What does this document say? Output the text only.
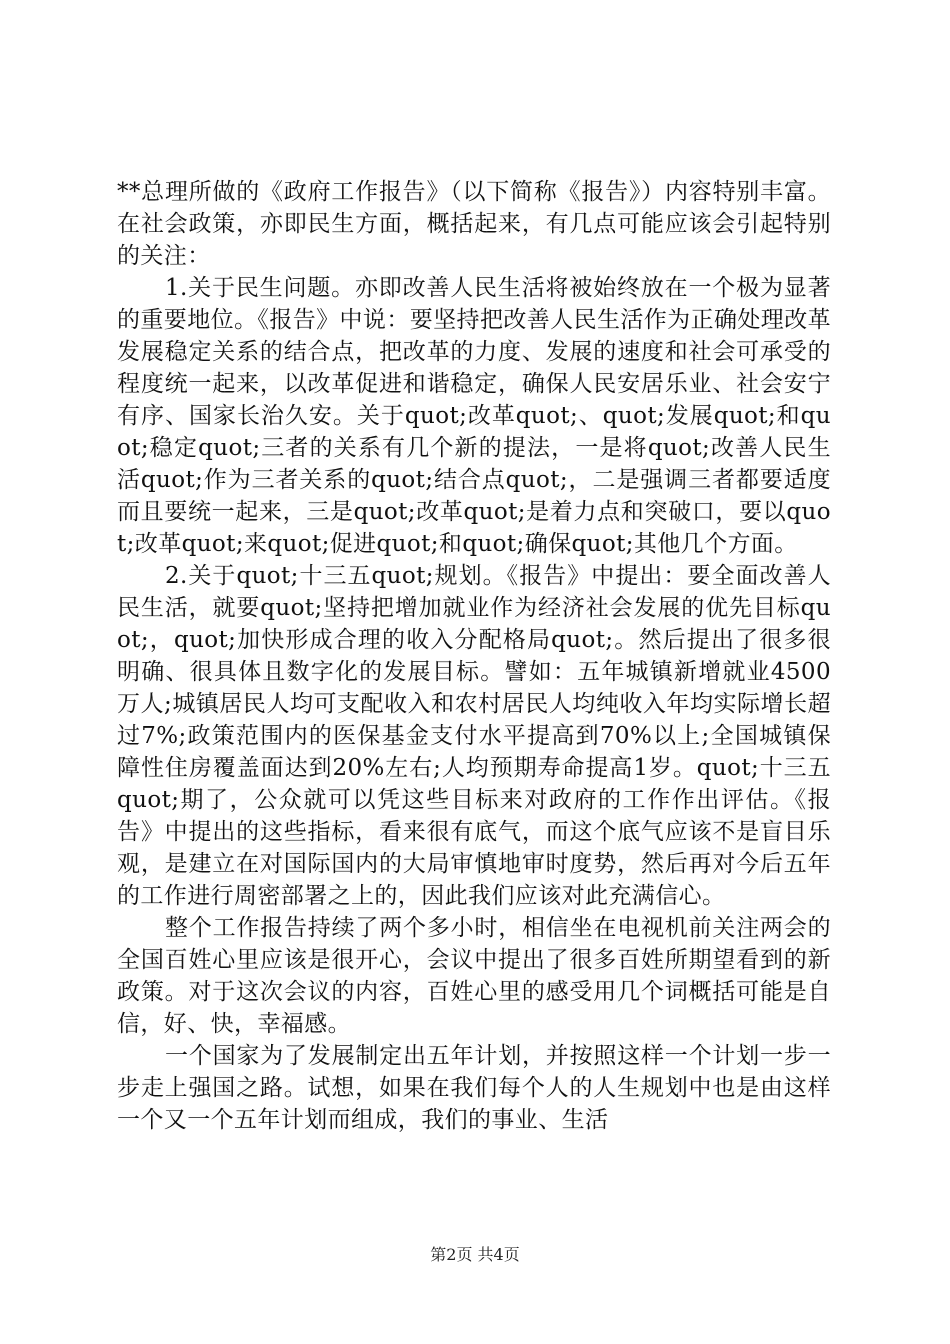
**总理所做的《政府工作报告》（以下简称《报告》）内容特别丰富。在社会政策，亦即民生方面，概括起来，有几点可能应该会引起特别的关注：

1.关于民生问题。亦即改善人民生活将被始终放在一个极为显著的重要地位。《报告》中说：要坚持把改善人民生活作为正确处理改革发展稳定关系的结合点，把改革的力度、发展的速度和社会可承受的程度统一起来，以改革促进和谐稳定，确保人民安居乐业、社会安宁有序、国家长治久安。关于quot;改革quot;、quot;发展quot;和quot;稳定quot;三者的关系有几个新的提法，一是将quot;改善人民生活quot;作为三者关系的quot;结合点quot;，二是强调三者都要适度而且要统一起来，三是quot;改革quot;是着力点和突破口，要以quot;改革quot;来quot;促进quot;和quot;确保quot;其他几个方面。

2.关于quot;十三五quot;规划。《报告》中提出：要全面改善人民生活，就要quot;坚持把增加就业作为经济社会发展的优先目标quot;，quot;加快形成合理的收入分配格局quot;。然后提出了很多很明确、很具体且数字化的发展目标。譬如：五年城镇新增就业4500万人;城镇居民人均可支配收入和农村居民人均纯收入年均实际增长超过7%;政策范围内的医保基金支付水平提高到70%以上;全国城镇保障性住房覆盖面达到20%左右;人均预期寿命提高1岁。quot;十三五quot;期了，公众就可以凭这些目标来对政府的工作作出评估。《报告》中提出的这些指标，看来很有底气，而这个底气应该不是盲目乐观，是建立在对国际国内的大局审慎地审时度势，然后再对今后五年的工作进行周密部署之上的，因此我们应该对此充满信心。

整个工作报告持续了两个多小时，相信坐在电视机前关注两会的全国百姓心里应该是很开心，会议中提出了很多百姓所期望看到的新政策。对于这次会议的内容，百姓心里的感受用几个词概括可能是自信，好、快，幸福感。

一个国家为了发展制定出五年计划，并按照这样一个计划一步一步走上强国之路。试想，如果在我们每个人的人生规划中也是由这样一个又一个五年计划而组成，我们的事业、生活

第2页 共4页
